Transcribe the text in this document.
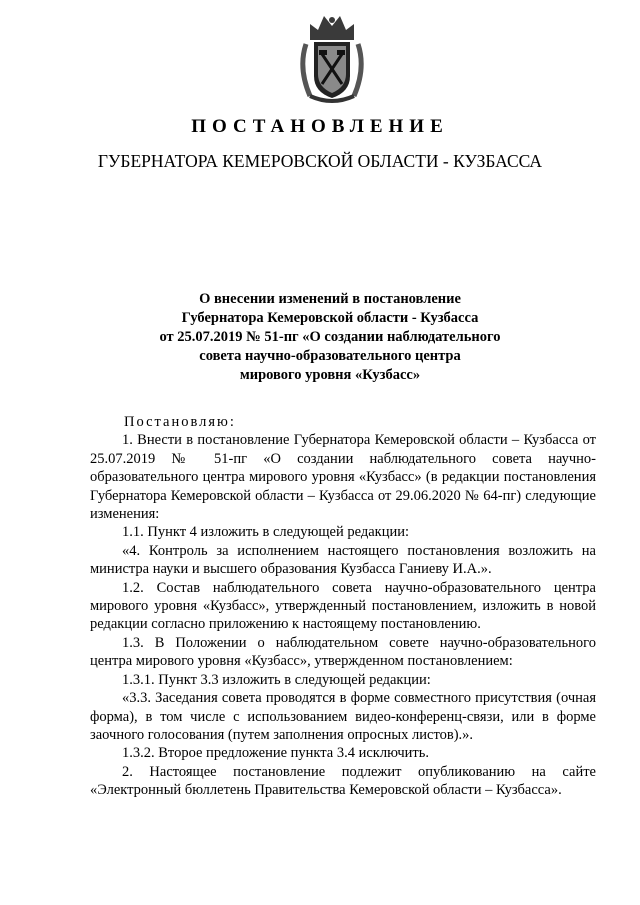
ПОСТАНОВЛЕНИЕ
ГУБЕРНАТОРА КЕМЕРОВСКОЙ ОБЛАСТИ - КУЗБАССА
О внесении изменений в постановление
Губернатора Кемеровской области - Кузбасса
от 25.07.2019 № 51-пг «О создании наблюдательного
совета научно-образовательного центра
мирового уровня «Кузбасс»

Постановляю:

1. Внести в постановление Губернатора Кемеровской области – Кузбасса от 25.07.2019 № 51-пг «О создании наблюдательного совета научно-образовательного центра мирового уровня «Кузбасс» (в редакции постановления Губернатора Кемеровской области – Кузбасса от 29.06.2020 № 64-пг) следующие изменения:

1.1. Пункт 4 изложить в следующей редакции:

«4. Контроль за исполнением настоящего постановления возложить на министра науки и высшего образования Кузбасса Ганиеву И.А.».

1.2. Состав наблюдательного совета научно-образовательного центра мирового уровня «Кузбасс», утвержденный постановлением, изложить в новой редакции согласно приложению к настоящему постановлению.

1.3. В Положении о наблюдательном совете научно-образовательного центра мирового уровня «Кузбасс», утвержденном постановлением:

1.3.1. Пункт 3.3 изложить в следующей редакции:

«3.3. Заседания совета проводятся в форме совместного присутствия (очная форма), в том числе с использованием видео-конференц-связи, или в форме заочного голосования (путем заполнения опросных листов).».

1.3.2. Второе предложение пункта 3.4 исключить.

2. Настоящее постановление подлежит опубликованию на сайте «Электронный бюллетень Правительства Кемеровской области – Кузбасса».
